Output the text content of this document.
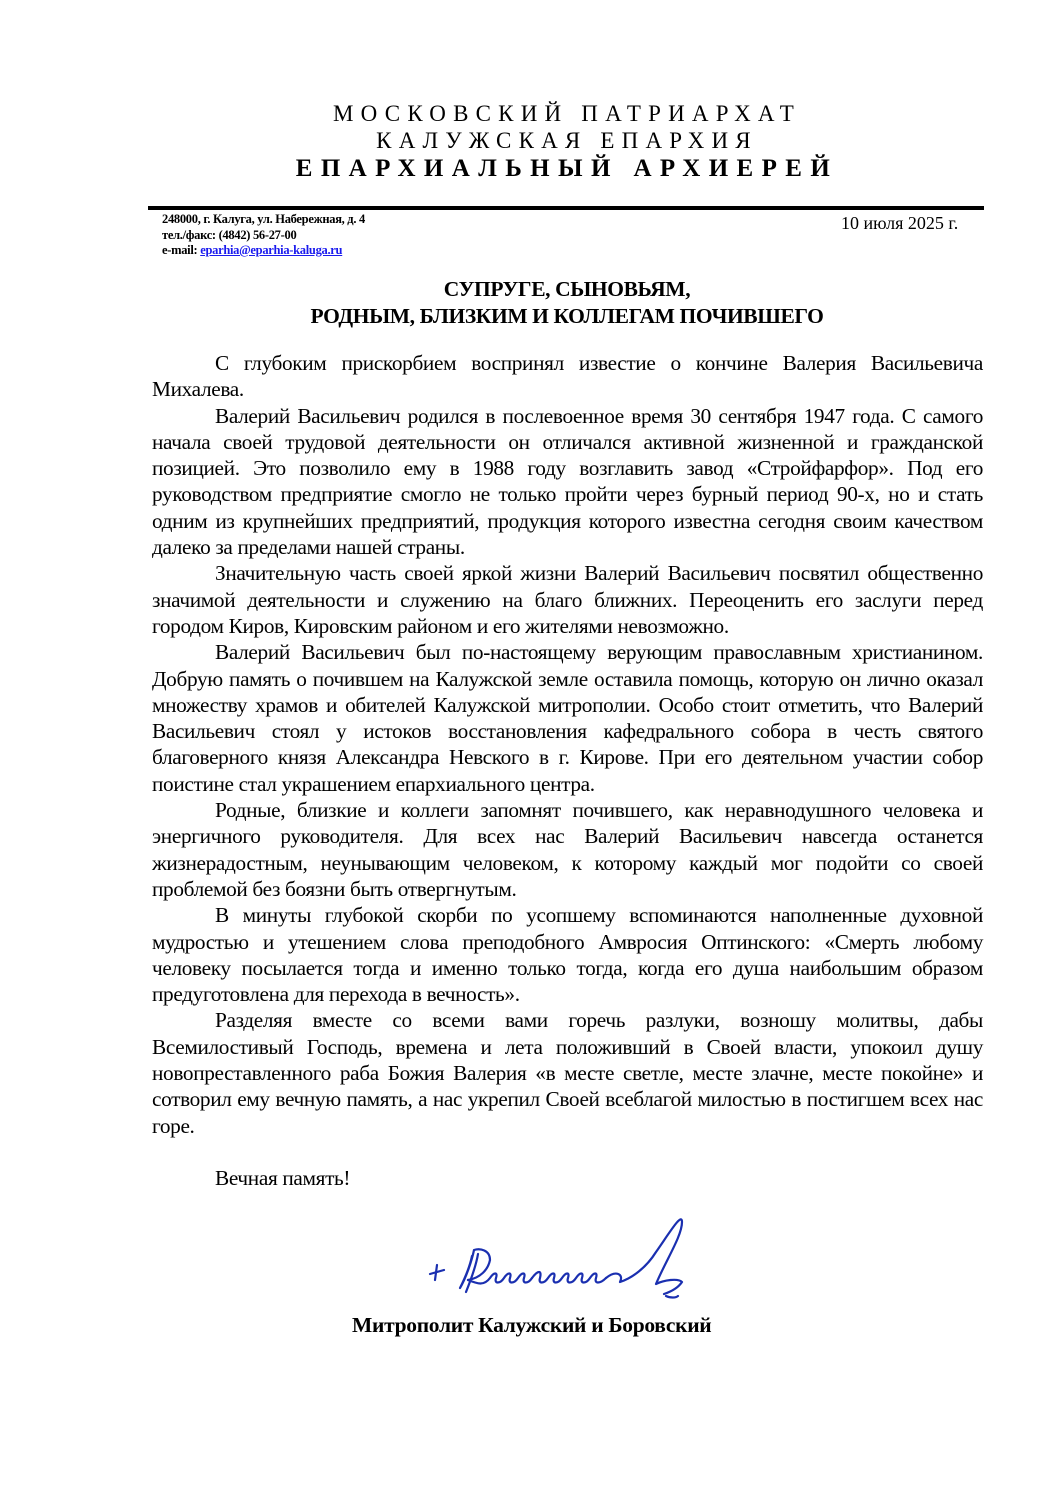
МОСКОВСКИЙ ПАТРИАРХАТ
КАЛУЖСКАЯ ЕПАРХИЯ
ЕПАРХИАЛЬНЫЙ АРХИЕРЕЙ
248000, г. Калуга, ул. Набережная, д. 4
тел./факс: (4842) 56-27-00
e-mail: eparhia@eparhia-kaluga.ru
10 июля 2025 г.
СУПРУГЕ, СЫНОВЬЯМ,
РОДНЫМ, БЛИЗКИМ И КОЛЛЕГАМ ПОЧИВШЕГО

С глубоким прискорбием воспринял известие о кончине Валерия Васильевича Михалева.

Валерий Васильевич родился в послевоенное время 30 сентября 1947 года. С самого начала своей трудовой деятельности он отличался активной жизненной и гражданской позицией. Это позволило ему в 1988 году возглавить завод «Стройфарфор». Под его руководством предприятие смогло не только пройти через бурный период 90-х, но и стать одним из крупнейших предприятий, продукция которого известна сегодня своим качеством далеко за пределами нашей страны.

Значительную часть своей яркой жизни Валерий Васильевич посвятил общественно значимой деятельности и служению на благо ближних. Переоценить его заслуги перед городом Киров, Кировским районом и его жителями невозможно.

Валерий Васильевич был по-настоящему верующим православным христианином. Добрую память о почившем на Калужской земле оставила помощь, которую он лично оказал множеству храмов и обителей Калужской митрополии. Особо стоит отметить, что Валерий Васильевич стоял у истоков восстановления кафедрального собора в честь святого благоверного князя Александра Невского в г. Кирове. При его деятельном участии собор поистине стал украшением епархиального центра.

Родные, близкие и коллеги запомнят почившего, как неравнодушного человека и энергичного руководителя. Для всех нас Валерий Васильевич навсегда останется жизнерадостным, неунывающим человеком, к которому каждый мог подойти со своей проблемой без боязни быть отвергнутым.

В минуты глубокой скорби по усопшему вспоминаются наполненные духовной мудростью и утешением слова преподобного Амвросия Оптинского: «Смерть любому человеку посылается тогда и именно только тогда, когда его душа наибольшим образом предуготовлена для перехода в вечность».

Разделяя вместе со всеми вами горечь разлуки, возношу молитвы, дабы Всемилостивый Господь, времена и лета положивший в Своей власти, упокоил душу новопреставленного раба Божия Валерия «в месте светле, месте злачне, месте покойне» и сотворил ему вечную память, а нас укрепил Своей всеблагой милостью в постигшем всех нас горе.

Вечная память!

Митрополит Калужский и Боровский
